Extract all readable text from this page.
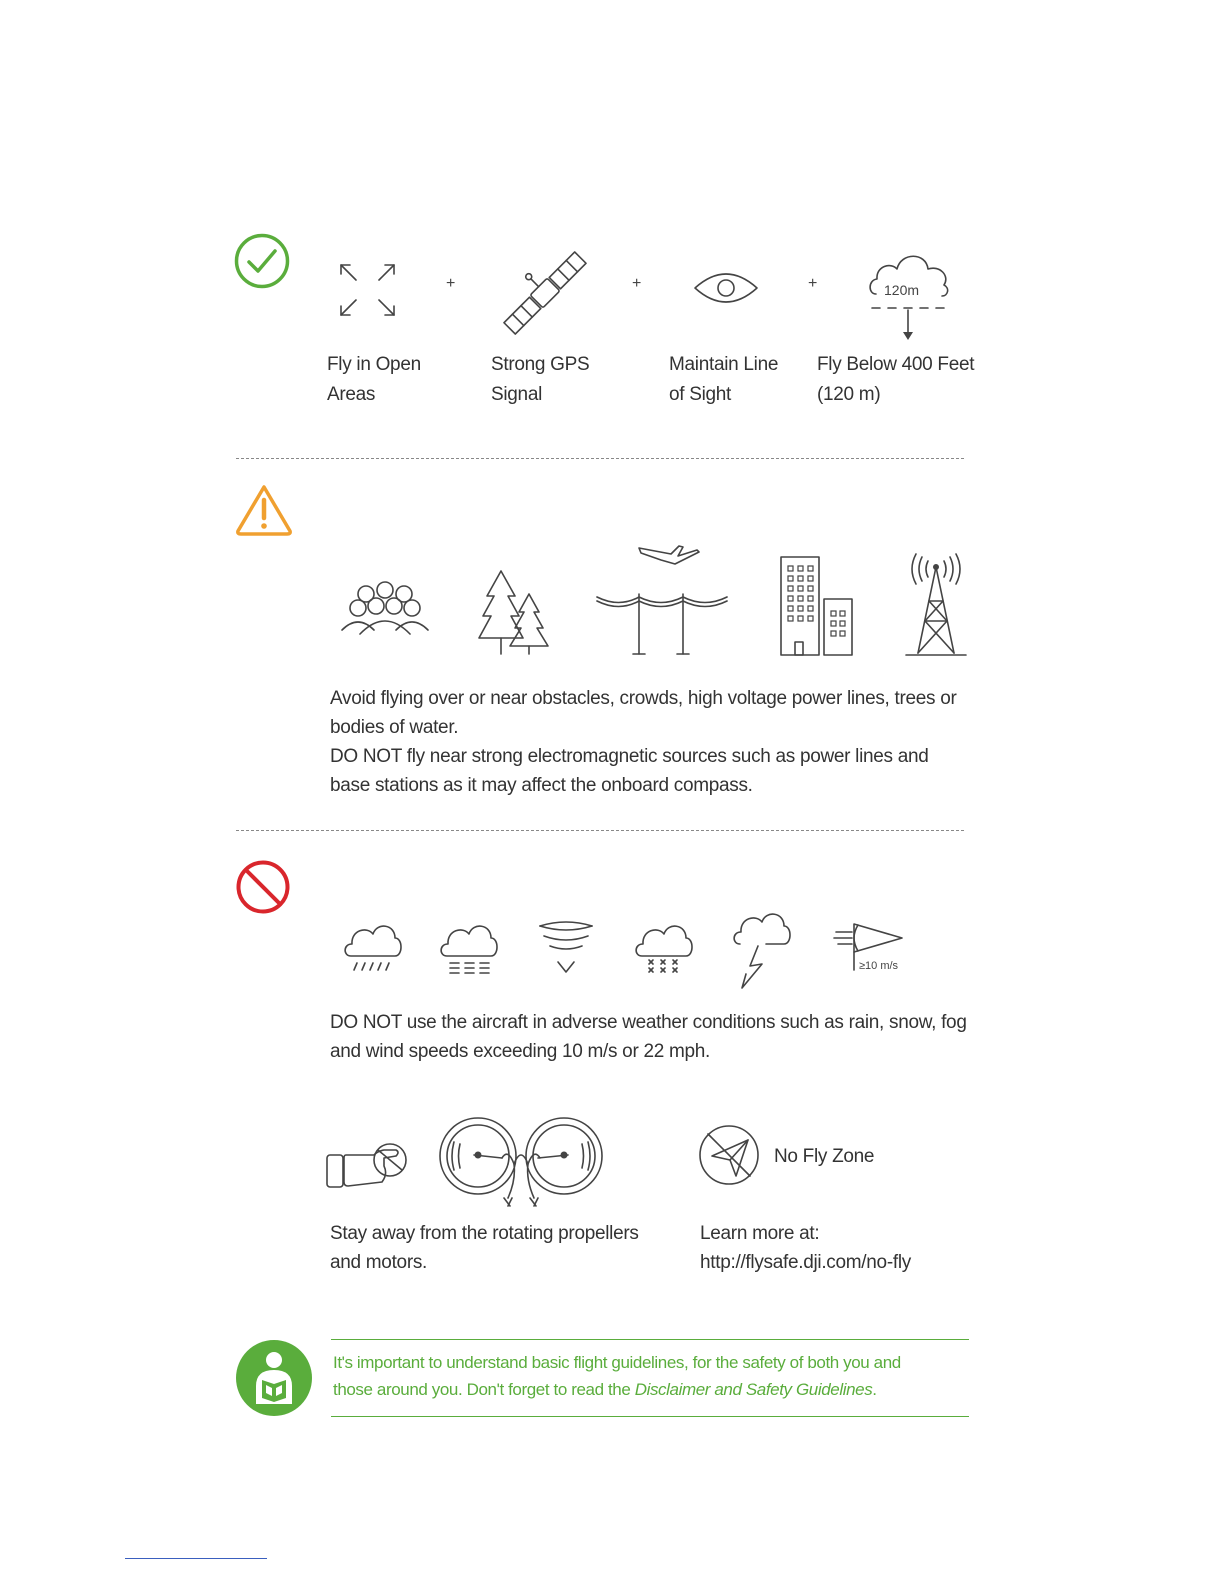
+	+	+	120m
Fly in Open
Areas
Strong GPS
Signal
Maintain Line
of Sight
Fly Below 400 Feet
(120 m)
Avoid flying over or near obstacles, crowds, high voltage power lines, trees or bodies of water.
DO NOT fly near strong electromagnetic sources such as power lines and base stations as it may affect the onboard compass.
≥10 m/s
DO NOT use the aircraft in adverse weather conditions such as rain, snow, fog and wind speeds exceeding 10 m/s or 22 mph.
Stay away from the rotating propellers
and motors.
No Fly Zone
Learn more at:
http://flysafe.dji.com/no-fly
It's important to understand basic flight guidelines, for the safety of both you and
those around you. Don't forget to read the Disclaimer and Safety Guidelines.
